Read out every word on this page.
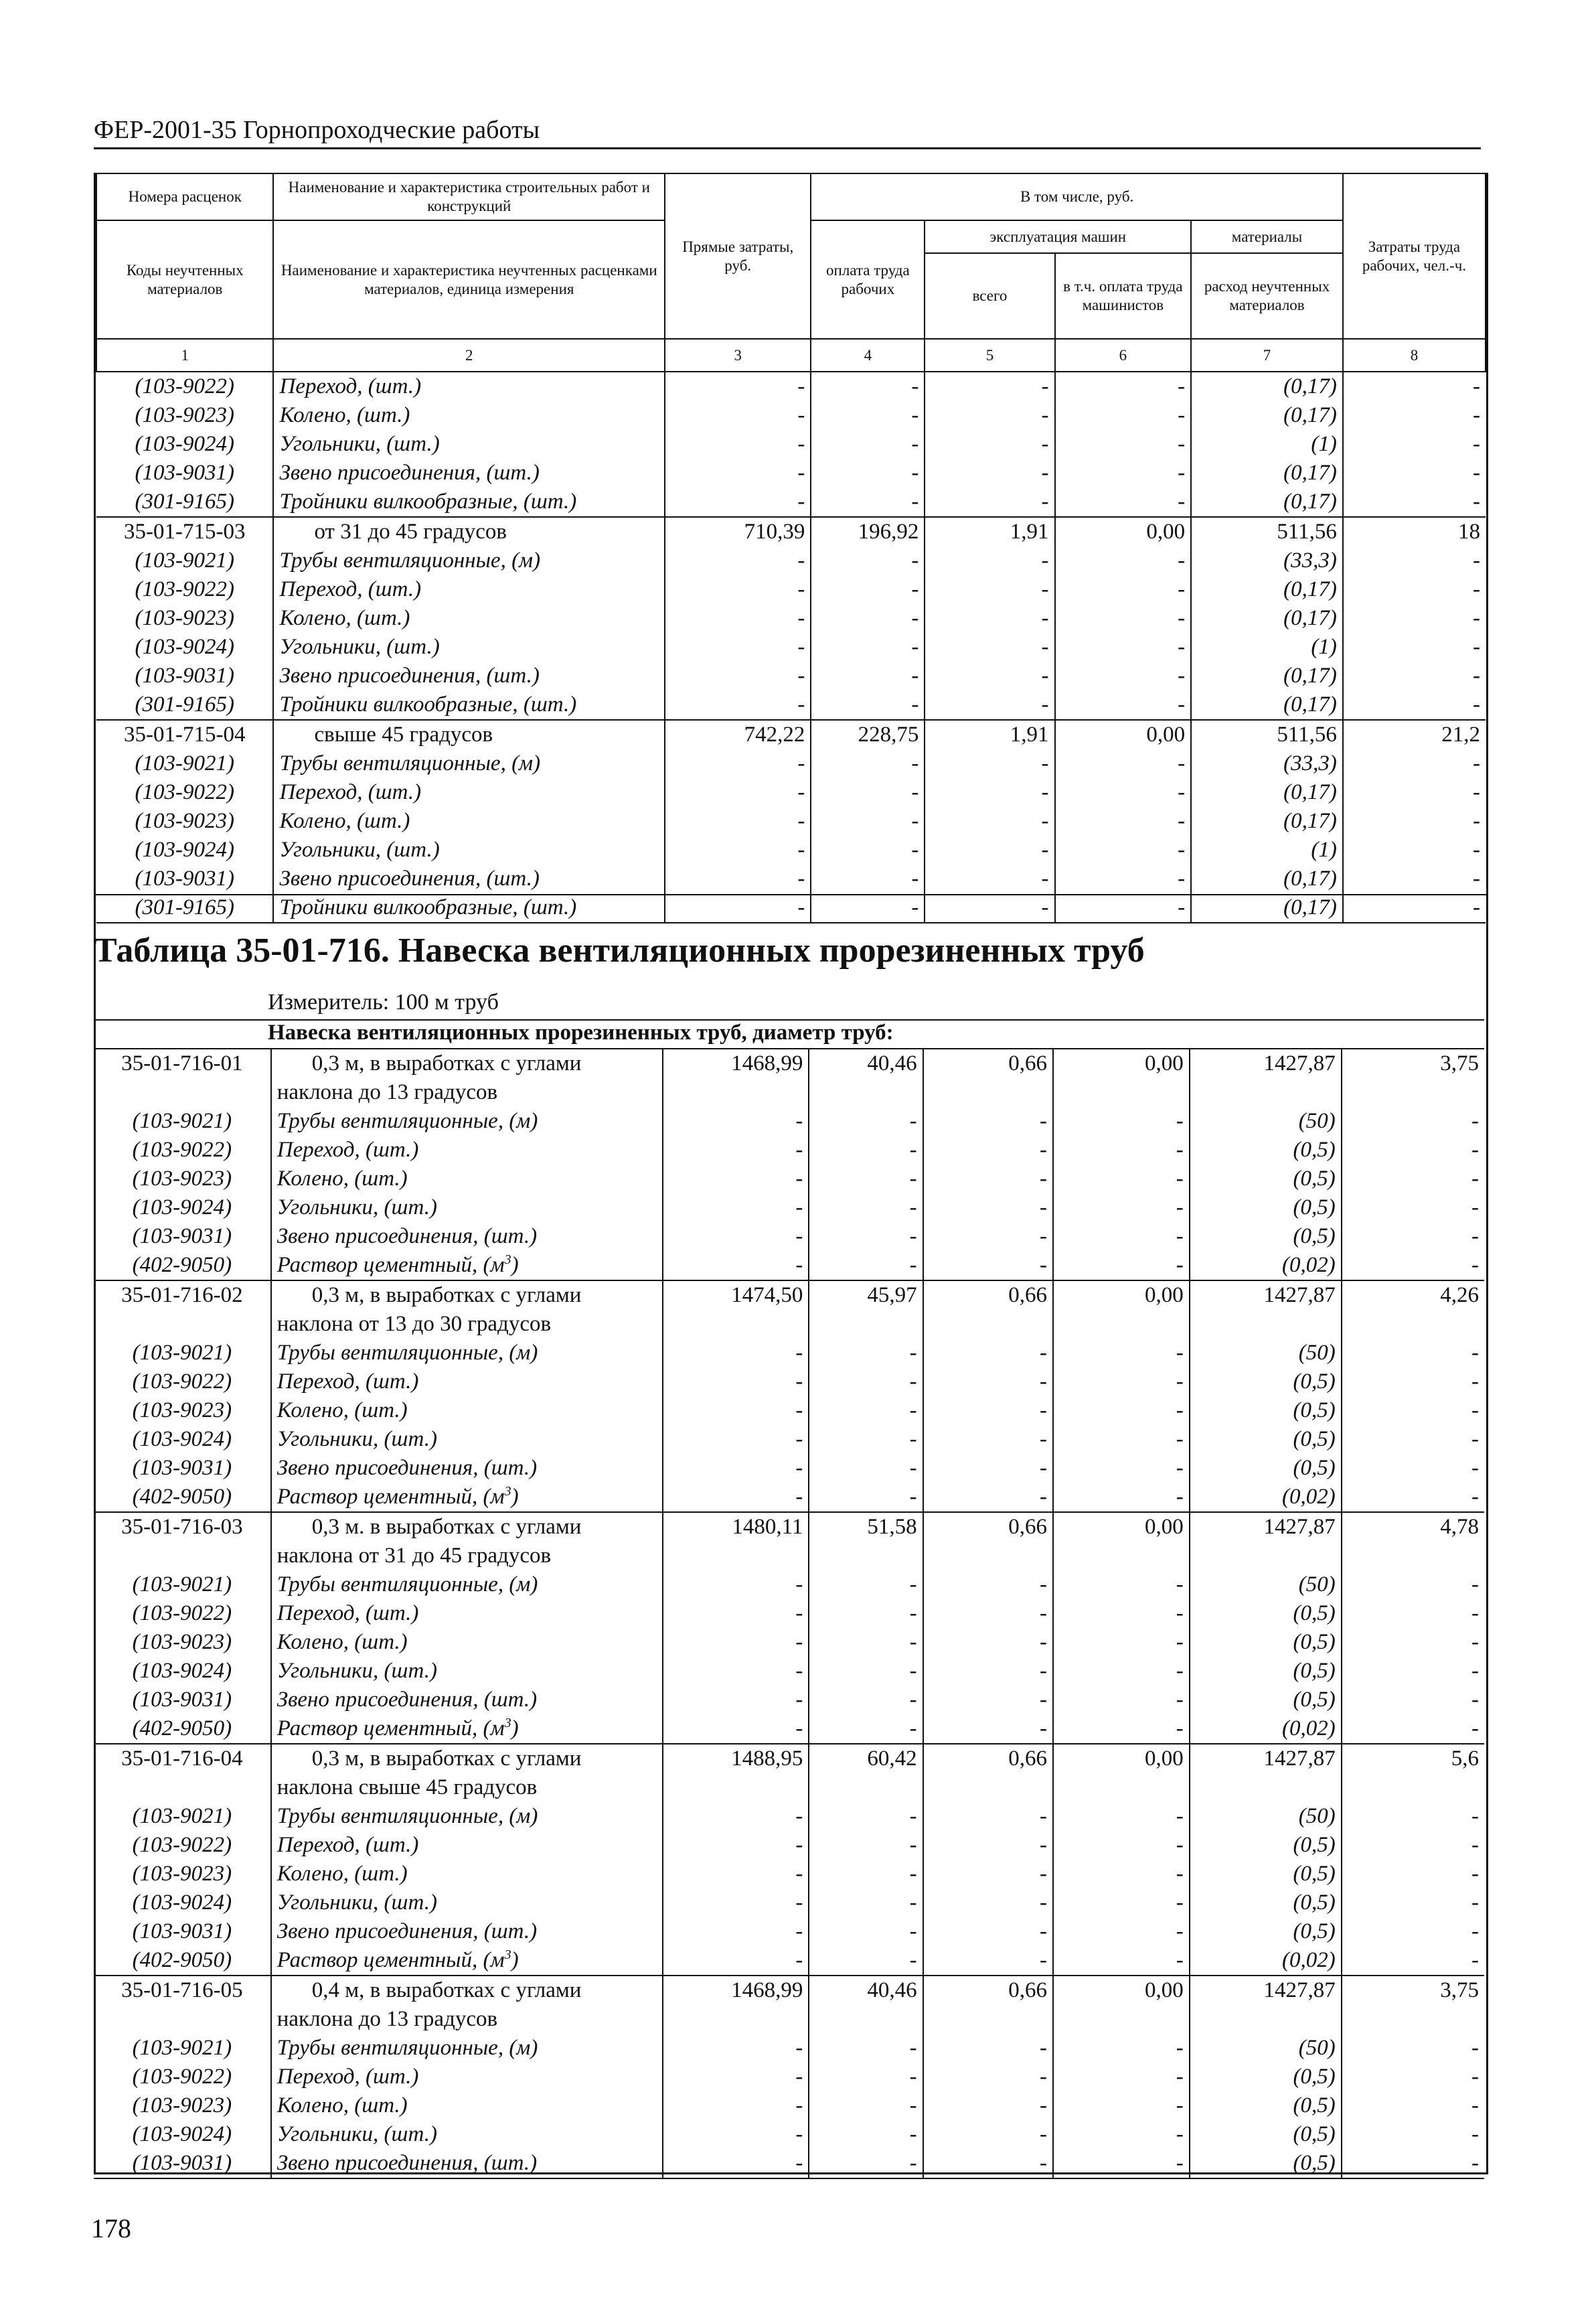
ФЕР-2001-35 Горнопроходческие работы
Номера расценок	Наименование и характеристика строительных работ и конструкций	Прямые затраты, руб.	В том числе, руб.				Затраты труда рабочих, чел.-ч.
Коды неучтенных материалов	Наименование и характеристика неучтенных расценками материалов, единица измерения		оплата труда рабочих	эксплуатация машин		материалы	
				всего	в т.ч. оплата труда машинистов	расход неучтенных материалов	
1	2	3	4	5	6	7	8
(103-9022)	Переход, (шт.)	-	-	-	-	(0,17)	-
(103-9023)	Колено, (шт.)	-	-	-	-	(0,17)	-
(103-9024)	Угольники, (шт.)	-	-	-	-	(1)	-
(103-9031)	Звено присоединения, (шт.)	-	-	-	-	(0,17)	-
(301-9165)	Тройники вилкообразные, (шт.)	-	-	-	-	(0,17)	-
35-01-715-03	от 31 до 45 градусов	710,39	196,92	1,91	0,00	511,56	18
(103-9021)	Трубы вентиляционные, (м)	-	-	-	-	(33,3)	-
(103-9022)	Переход, (шт.)	-	-	-	-	(0,17)	-
(103-9023)	Колено, (шт.)	-	-	-	-	(0,17)	-
(103-9024)	Угольники, (шт.)	-	-	-	-	(1)	-
(103-9031)	Звено присоединения, (шт.)	-	-	-	-	(0,17)	-
(301-9165)	Тройники вилкообразные, (шт.)	-	-	-	-	(0,17)	-
35-01-715-04	свыше 45 градусов	742,22	228,75	1,91	0,00	511,56	21,2
(103-9021)	Трубы вентиляционные, (м)	-	-	-	-	(33,3)	-
(103-9022)	Переход, (шт.)	-	-	-	-	(0,17)	-
(103-9023)	Колено, (шт.)	-	-	-	-	(0,17)	-
(103-9024)	Угольники, (шт.)	-	-	-	-	(1)	-
(103-9031)	Звено присоединения, (шт.)	-	-	-	-	(0,17)	-
(301-9165)	Тройники вилкообразные, (шт.)	-	-	-	-	(0,17)	-
Таблица 35-01-716. Навеска вентиляционных прорезиненных труб
Измеритель: 100 м труб
Навеска вентиляционных прорезиненных труб, диаметр труб:
35-01-716-01	0,3 м, в выработках с углами	1468,99	40,46	0,66	0,00	1427,87	3,75
	наклона до 13 градусов						
(103-9021)	Трубы вентиляционные, (м)	-	-	-	-	(50)	-
(103-9022)	Переход, (шт.)	-	-	-	-	(0,5)	-
(103-9023)	Колено, (шт.)	-	-	-	-	(0,5)	-
(103-9024)	Угольники, (шт.)	-	-	-	-	(0,5)	-
(103-9031)	Звено присоединения, (шт.)	-	-	-	-	(0,5)	-
(402-9050)	Раствор цементный, $(м^3)$	-	-	-	-	(0,02)	-
35-01-716-02	0,3 м, в выработках с углами	1474,50	45,97	0,66	0,00	1427,87	4,26
	наклона от 13 до 30 градусов						
(103-9021)	Трубы вентиляционные, (м)	-	-	-	-	(50)	-
(103-9022)	Переход, (шт.)	-	-	-	-	(0,5)	-
(103-9023)	Колено, (шт.)	-	-	-	-	(0,5)	-
(103-9024)	Угольники, (шт.)	-	-	-	-	(0,5)	-
(103-9031)	Звено присоединения, (шт.)	-	-	-	-	(0,5)	-
(402-9050)	Раствор цементный, $(м^3)$	-	-	-	-	(0,02)	-
35-01-716-03	0,3 м. в выработках с углами	1480,11	51,58	0,66	0,00	1427,87	4,78
	наклона от 31 до 45 градусов						
(103-9021)	Трубы вентиляционные, (м)	-	-	-	-	(50)	-
(103-9022)	Переход, (шт.)	-	-	-	-	(0,5)	-
(103-9023)	Колено, (шт.)	-	-	-	-	(0,5)	-
(103-9024)	Угольники, (шт.)	-	-	-	-	(0,5)	-
(103-9031)	Звено присоединения, (шт.)	-	-	-	-	(0,5)	-
(402-9050)	Раствор цементный, $(м^3)$	-	-	-	-	(0,02)	-
35-01-716-04	0,3 м, в выработках с углами	1488,95	60,42	0,66	0,00	1427,87	5,6
	наклона свыше 45 градусов						
(103-9021)	Трубы вентиляционные, (м)	-	-	-	-	(50)	-
(103-9022)	Переход, (шт.)	-	-	-	-	(0,5)	-
(103-9023)	Колено, (шт.)	-	-	-	-	(0,5)	-
(103-9024)	Угольники, (шт.)	-	-	-	-	(0,5)	-
(103-9031)	Звено присоединения, (шт.)	-	-	-	-	(0,5)	-
(402-9050)	Раствор цементный, $(м^3)$	-	-	-	-	(0,02)	-
35-01-716-05	0,4 м, в выработках с углами	1468,99	40,46	0,66	0,00	1427,87	3,75
	наклона до 13 градусов						
(103-9021)	Трубы вентиляционные, (м)	-	-	-	-	(50)	-
(103-9022)	Переход, (шт.)	-	-	-	-	(0,5)	-
(103-9023)	Колено, (шт.)	-	-	-	-	(0,5)	-
(103-9024)	Угольники, (шт.)	-	-	-	-	(0,5)	-
(103-9031)	Звено присоединения, (шт.)	-	-	-	-	(0,5)	-
178
